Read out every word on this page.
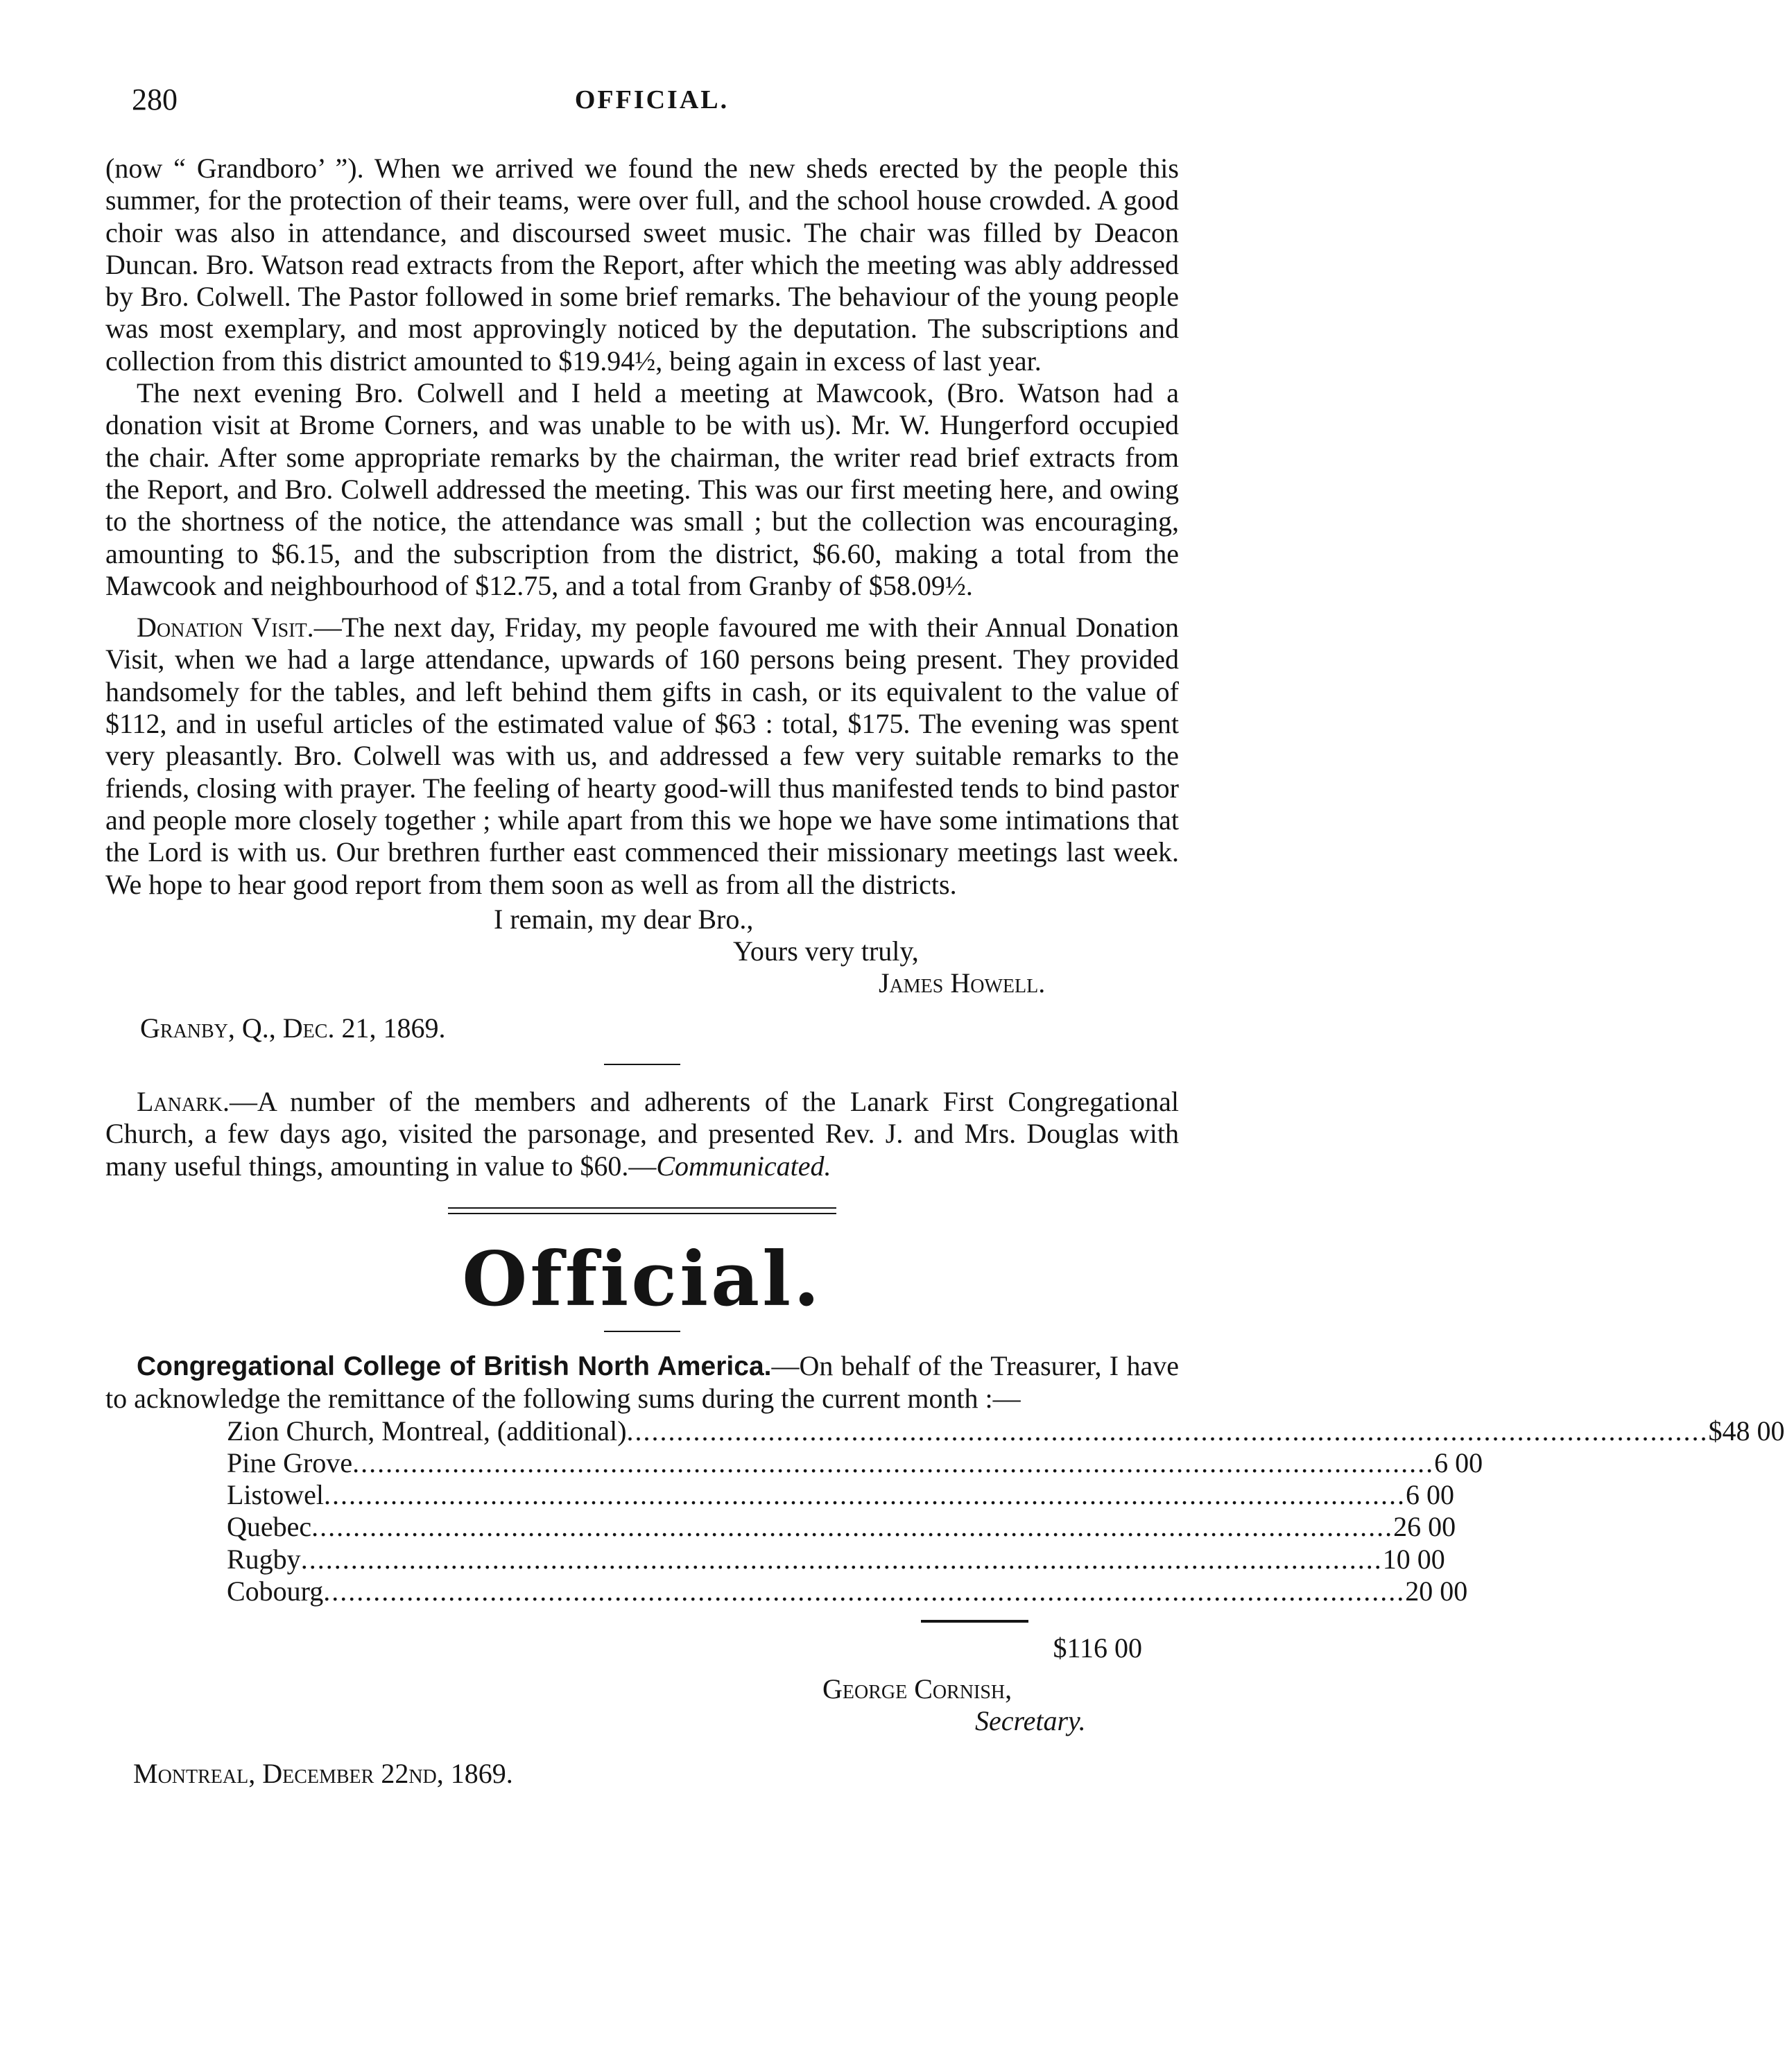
280	OFFICIAL.

(now “ Grandboro’ ”). When we arrived we found the new sheds erected by the people this summer, for the protection of their teams, were over full, and the school house crowded. A good choir was also in attendance, and discoursed sweet music. The chair was filled by Deacon Duncan. Bro. Watson read extracts from the Report, after which the meeting was ably addressed by Bro. Colwell. The Pastor followed in some brief remarks. The behaviour of the young people was most exemplary, and most approvingly noticed by the deputation. The subscriptions and collection from this district amounted to $19.94½, being again in excess of last year.

The next evening Bro. Colwell and I held a meeting at Mawcook, (Bro. Watson had a donation visit at Brome Corners, and was unable to be with us). Mr. W. Hungerford occupied the chair. After some appropriate remarks by the chairman, the writer read brief extracts from the Report, and Bro. Colwell addressed the meeting. This was our first meeting here, and owing to the shortness of the notice, the attendance was small ; but the collection was encouraging, amounting to $6.15, and the subscription from the district, $6.60, making a total from the Mawcook and neighbourhood of $12.75, and a total from Granby of $58.09½.

Donation Visit.—The next day, Friday, my people favoured me with their Annual Donation Visit, when we had a large attendance, upwards of 160 persons being present. They provided handsomely for the tables, and left behind them gifts in cash, or its equivalent to the value of $112, and in useful articles of the estimated value of $63 : total, $175. The evening was spent very pleasantly. Bro. Colwell was with us, and addressed a few very suitable remarks to the friends, closing with prayer. The feeling of hearty good-will thus manifested tends to bind pastor and people more closely together ; while apart from this we hope we have some intimations that the Lord is with us. Our brethren further east commenced their missionary meetings last week. We hope to hear good report from them soon as well as from all the districts.

I remain, my dear Bro.,
Yours very truly,
James Howell.
Granby, Q., Dec. 21, 1869.

Lanark.—A number of the members and adherents of the Lanark First Congregational Church, a few days ago, visited the parsonage, and presented Rev. J. and Mrs. Douglas with many useful things, amounting in value to $60.—Communicated.

Official.

Congregational College of British North America.—On behalf of the Treasurer, I have to acknowledge the remittance of the following sums during the current month :—

Zion Church, Montreal, (additional) .................................................................................................................................. $48 00
Pine Grove .................................................................................................................................. 6 00
Listowel .................................................................................................................................. 6 00
Quebec .................................................................................................................................. 26 00
Rugby .................................................................................................................................. 10 00
Cobourg .................................................................................................................................. 20 00
$116 00
George Cornish,
Secretary.
Montreal, December 22nd, 1869.
